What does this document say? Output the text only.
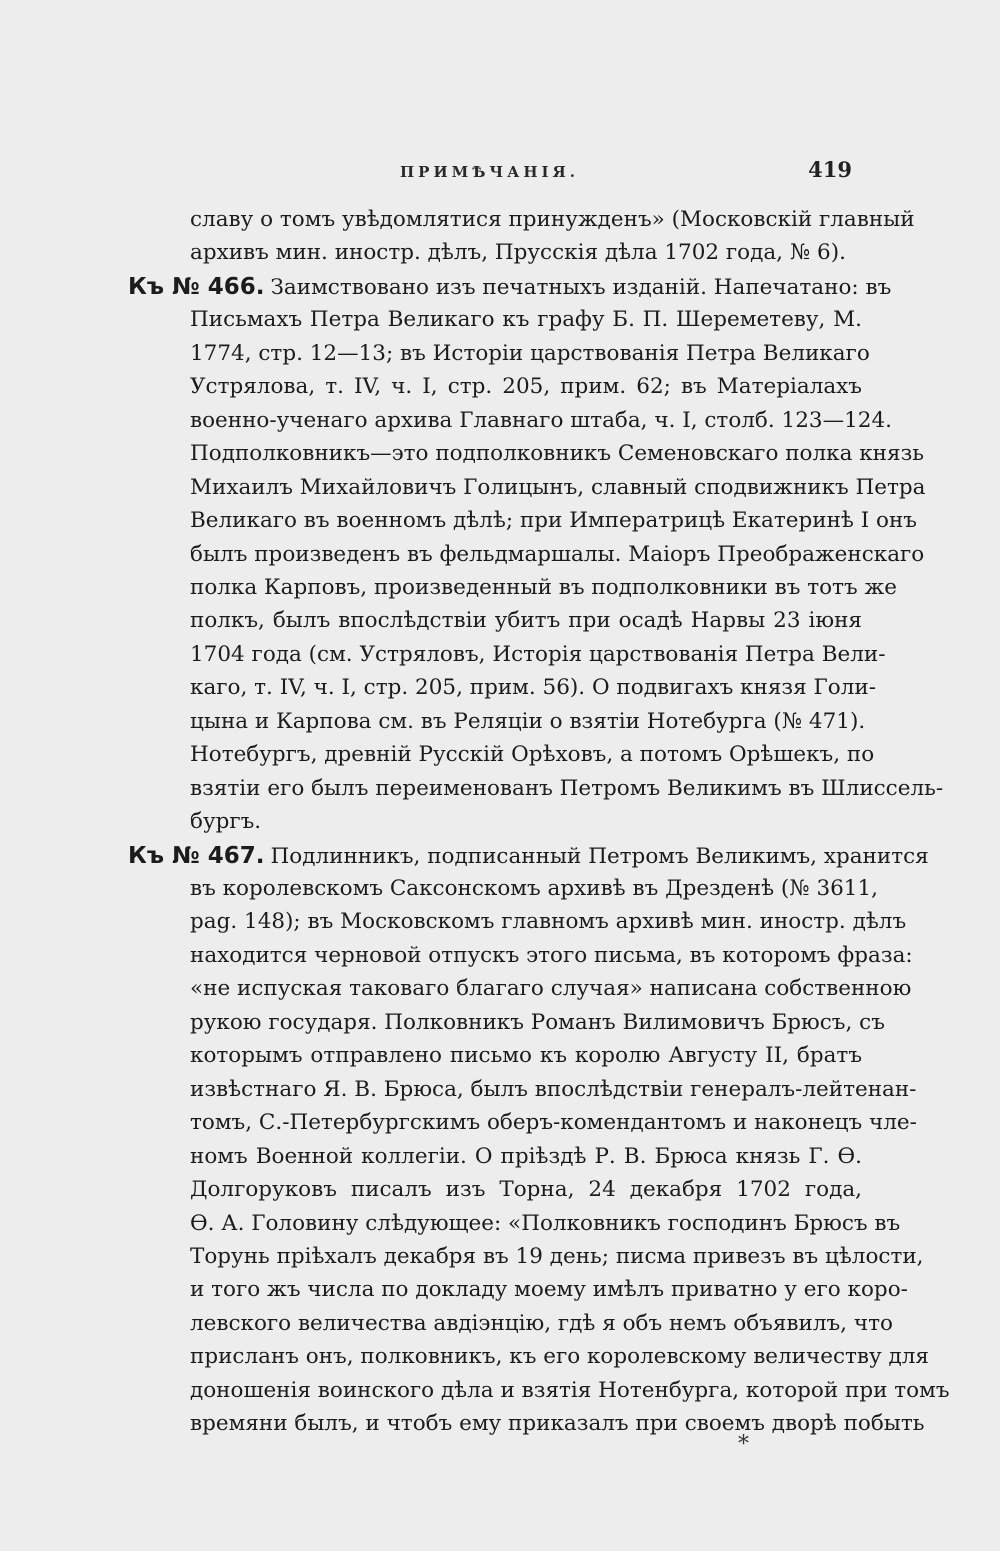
ПРИМѢЧАНІЯ.	419
славу о томъ увѣдомлятися принужденъ» (Московскій главный
архивъ мин. иностр. дѣлъ, Прусскія дѣла 1702 года, № 6).
Къ № 466. Заимствовано изъ печатныхъ изданій. Напечатано: въ
Письмахъ Петра Великаго къ графу Б. П. Шереметеву, М.
1774, стр. 12—13; въ Исторіи царствованія Петра Великаго
Устрялова, т. IV, ч. I, стр. 205, прим. 62; въ Матеріалахъ
военно-ученаго архива Главнаго штаба, ч. I, столб. 123—124.
Подполковникъ—это подполковникъ Семеновскаго полка князь
Михаилъ Михайловичъ Голицынъ, славный сподвижникъ Петра
Великаго въ военномъ дѣлѣ; при Императрицѣ Екатеринѣ I онъ
былъ произведенъ въ фельдмаршалы. Маіоръ Преображенскаго
полка Карповъ, произведенный въ подполковники въ тотъ же
полкъ, былъ впослѣдствіи убитъ при осадѣ Нарвы 23 іюня
1704 года (см. Устряловъ, Исторія царствованія Петра Вели-
каго, т. IV, ч. I, стр. 205, прим. 56). О подвигахъ князя Голи-
цына и Карпова см. въ Реляціи о взятіи Нотебурга (№ 471).
Нотебургъ, древній Русскій Орѣховъ, а потомъ Орѣшекъ, по
взятіи его былъ переименованъ Петромъ Великимъ въ Шлиссель-
бургъ.
Къ № 467. Подлинникъ, подписанный Петромъ Великимъ, хранится
въ королевскомъ Саксонскомъ архивѣ въ Дрезденѣ (№ 3611,
pag. 148); въ Московскомъ главномъ архивѣ мин. иностр. дѣлъ
находится черновой отпускъ этого письма, въ которомъ фраза:
«не испуская таковаго благаго случая» написана собственною
рукою государя. Полковникъ Романъ Вилимовичъ Брюсъ, съ
которымъ отправлено письмо къ королю Августу II, братъ
извѣстнаго Я. В. Брюса, былъ впослѣдствіи генералъ-лейтенан-
томъ, С.-Петербургскимъ оберъ-комендантомъ и наконецъ чле-
номъ Военной коллегіи. О пріѣздѣ Р. В. Брюса князь Г. Ѳ.
Долгоруковъ писалъ изъ Торна, 24 декабря 1702 года,
Ѳ. А. Головину слѣдующее: «Полковникъ господинъ Брюсъ въ
Торунь пріѣхалъ декабря въ 19 день; писма привезъ въ цѣлости,
и того жъ числа по докладу моему имѣлъ приватно у его коро-
левского величества авдіэнцію, гдѣ я объ немъ объявилъ, что
присланъ онъ, полковникъ, къ его королевскому величеству для
доношенія воинского дѣла и взятія Нотенбурга, которой при томъ
времяни былъ, и чтобъ ему приказалъ при своемъ дворѣ побыть
*
